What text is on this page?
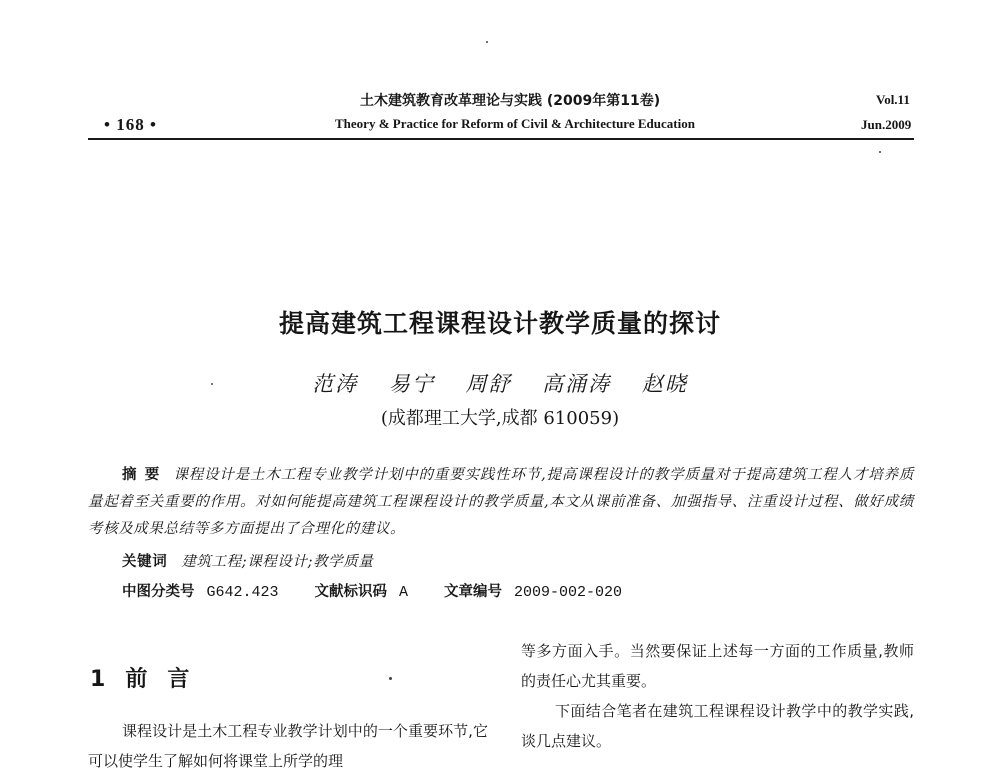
土木建筑教育改革理论与实践 (2009年第11卷)
• 168 •	Theory & Practice for Reform of Civil & Architecture Education
Vol.11
Jun.2009
提高建筑工程课程设计教学质量的探讨
范涛 易宁 周舒 高涌涛 赵晓
(成都理工大学,成都 610059)
摘要 课程设计是土木工程专业教学计划中的重要实践性环节,提高课程设计的教学质量对于提高建筑工程人才培养质量起着至关重要的作用。对如何能提高建筑工程课程设计的教学质量,本文从课前准备、加强指导、注重设计过程、做好成绩考核及成果总结等多方面提出了合理化的建议。
关键词 建筑工程;课程设计;教学质量
中图分类号 G642.423 文献标识码 A 文章编号 2009-002-020
1 前言
课程设计是土木工程专业教学计划中的一个重要环节,它可以使学生了解如何将课堂上所学的理

等多方面入手。当然要保证上述每一方面的工作质量,教师的责任心尤其重要。

下面结合笔者在建筑工程课程设计教学中的教学实践,谈几点建议。
